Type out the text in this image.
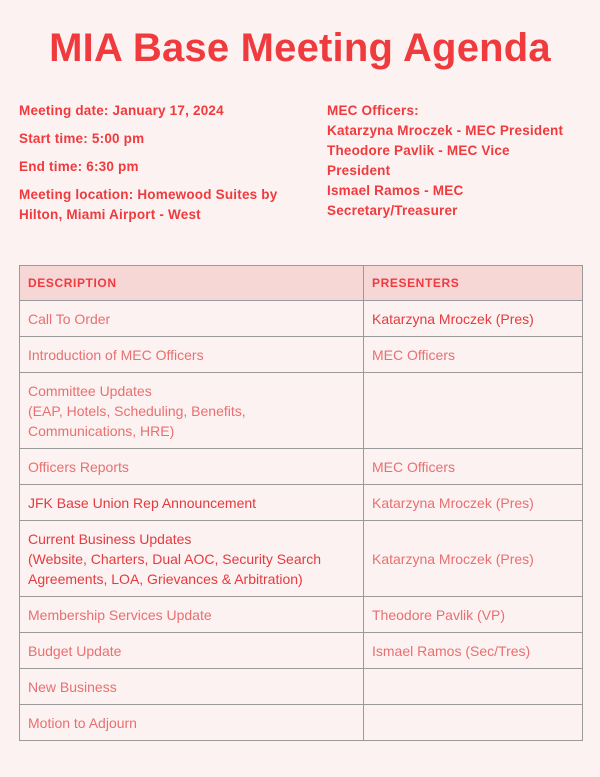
MIA Base Meeting Agenda
Meeting date: January 17, 2024
Start time: 5:00 pm
End time: 6:30 pm
Meeting location: Homewood Suites by
Hilton, Miami Airport - West
MEC Officers:
Katarzyna Mroczek - MEC President
Theodore Pavlik - MEC Vice
President
Ismael Ramos - MEC
Secretary/Treasurer
DESCRIPTION	PRESENTERS
Call To Order	Katarzyna Mroczek (Pres)
Introduction of MEC Officers	MEC Officers

Committee Updates
(EAP, Hotels, Scheduling, Benefits,
Communications, HRE)	

Officers Reports	MEC Officers
JFK Base Union Rep Announcement	Katarzyna Mroczek (Pres)

Current Business Updates
(Website, Charters, Dual AOC, Security Search
Agreements, LOA, Grievances & Arbitration)	Katarzyna Mroczek (Pres)
Membership Services Update	Theodore Pavlik (VP)
Budget Update	Ismael Ramos (Sec/Tres)
New Business	
Motion to Adjourn	
